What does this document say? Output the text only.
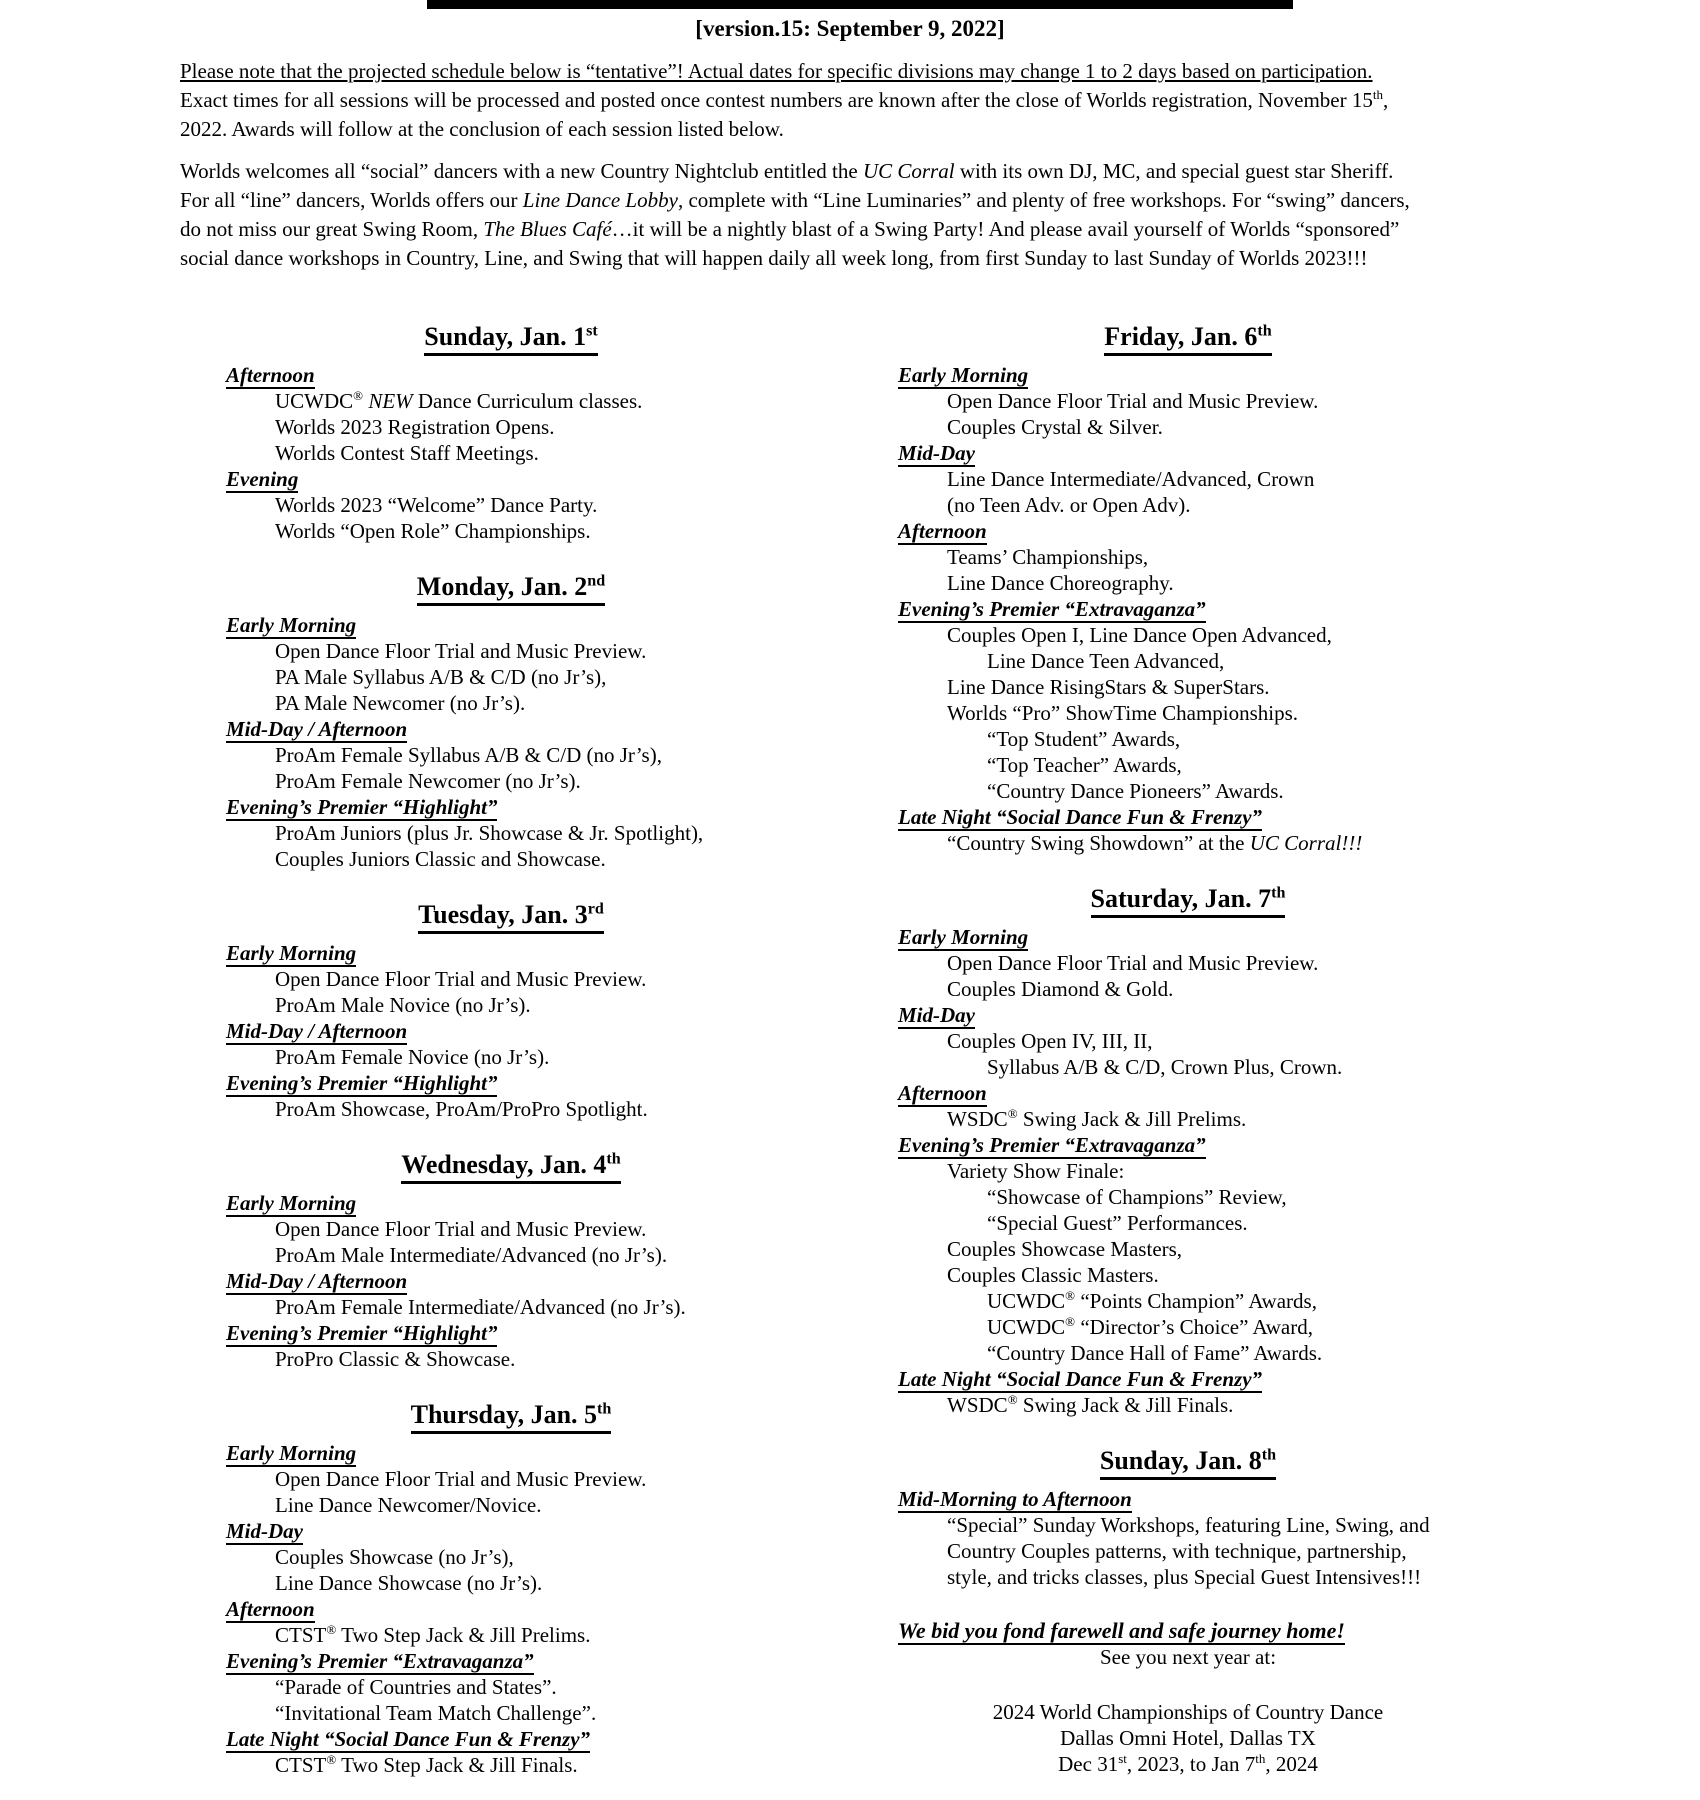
[version.15: September 9, 2022]

Please note that the projected schedule below is “tentative”! Actual dates for specific divisions may change 1 to 2 days based on participation.
Exact times for all sessions will be processed and posted once contest numbers are known after the close of Worlds registration, November 15th,
2022. Awards will follow at the conclusion of each session listed below.

Worlds welcomes all “social” dancers with a new Country Nightclub entitled the UC Corral with its own DJ, MC, and special guest star Sheriff.
For all “line” dancers, Worlds offers our Line Dance Lobby, complete with “Line Luminaries” and plenty of free workshops. For “swing” dancers,
do not miss our great Swing Room, The Blues Café…it will be a nightly blast of a Swing Party! And please avail yourself of Worlds “sponsored”
social dance workshops in Country, Line, and Swing that will happen daily all week long, from first Sunday to last Sunday of Worlds 2023!!!

Sunday, Jan. 1st
Afternoon
UCWDC® NEW Dance Curriculum classes.
Worlds 2023 Registration Opens.
Worlds Contest Staff Meetings.
Evening
Worlds 2023 “Welcome” Dance Party.
Worlds “Open Role” Championships.
Monday, Jan. 2nd
Early Morning
Open Dance Floor Trial and Music Preview.
PA Male Syllabus A/B & C/D (no Jr’s),
PA Male Newcomer (no Jr’s).
Mid-Day / Afternoon
ProAm Female Syllabus A/B & C/D (no Jr’s),
ProAm Female Newcomer (no Jr’s).
Evening’s Premier “Highlight”
ProAm Juniors (plus Jr. Showcase & Jr. Spotlight),
Couples Juniors Classic and Showcase.
Tuesday, Jan. 3rd
Early Morning
Open Dance Floor Trial and Music Preview.
ProAm Male Novice (no Jr’s).
Mid-Day / Afternoon
ProAm Female Novice (no Jr’s).
Evening’s Premier “Highlight”
ProAm Showcase, ProAm/ProPro Spotlight.
Wednesday, Jan. 4th
Early Morning
Open Dance Floor Trial and Music Preview.
ProAm Male Intermediate/Advanced (no Jr’s).
Mid-Day / Afternoon
ProAm Female Intermediate/Advanced (no Jr’s).
Evening’s Premier “Highlight”
ProPro Classic & Showcase.
Thursday, Jan. 5th
Early Morning
Open Dance Floor Trial and Music Preview.
Line Dance Newcomer/Novice.
Mid-Day
Couples Showcase (no Jr’s),
Line Dance Showcase (no Jr’s).
Afternoon
CTST® Two Step Jack & Jill Prelims.
Evening’s Premier “Extravaganza”
“Parade of Countries and States”.
“Invitational Team Match Challenge”.
Late Night “Social Dance Fun & Frenzy”
CTST® Two Step Jack & Jill Finals.
Friday, Jan. 6th
Early Morning
Open Dance Floor Trial and Music Preview.
Couples Crystal & Silver.
Mid-Day
Line Dance Intermediate/Advanced, Crown
(no Teen Adv. or Open Adv).
Afternoon
Teams’ Championships,
Line Dance Choreography.
Evening’s Premier “Extravaganza”
Couples Open I, Line Dance Open Advanced,
Line Dance Teen Advanced,
Line Dance RisingStars & SuperStars.
Worlds “Pro” ShowTime Championships.
“Top Student” Awards,
“Top Teacher” Awards,
“Country Dance Pioneers” Awards.
Late Night “Social Dance Fun & Frenzy”
“Country Swing Showdown” at the UC Corral!!!
Saturday, Jan. 7th
Early Morning
Open Dance Floor Trial and Music Preview.
Couples Diamond & Gold.
Mid-Day
Couples Open IV, III, II,
Syllabus A/B & C/D, Crown Plus, Crown.
Afternoon
WSDC® Swing Jack & Jill Prelims.
Evening’s Premier “Extravaganza”
Variety Show Finale:
“Showcase of Champions” Review,
“Special Guest” Performances.
Couples Showcase Masters,
Couples Classic Masters.
UCWDC® “Points Champion” Awards,
UCWDC® “Director’s Choice” Award,
“Country Dance Hall of Fame” Awards.
Late Night “Social Dance Fun & Frenzy”
WSDC® Swing Jack & Jill Finals.
Sunday, Jan. 8th
Mid-Morning to Afternoon
“Special” Sunday Workshops, featuring Line, Swing, and
Country Couples patterns, with technique, partnership,
style, and tricks classes, plus Special Guest Intensives!!!
We bid you fond farewell and safe journey home!
See you next year at:
2024 World Championships of Country Dance
Dallas Omni Hotel, Dallas TX
Dec 31st, 2023, to Jan 7th, 2024
